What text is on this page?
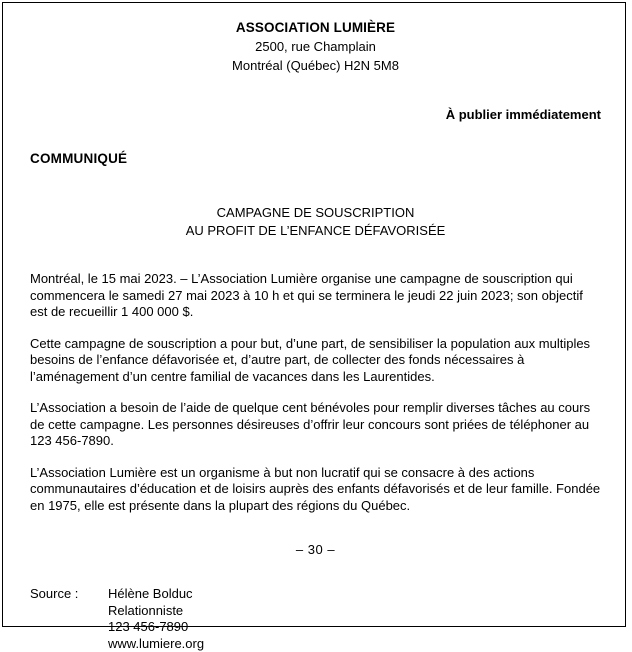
ASSOCIATION LUMIÈRE
2500, rue Champlain
Montréal (Québec) H2N 5M8
À publier immédiatement
COMMUNIQUÉ
CAMPAGNE DE SOUSCRIPTION
AU PROFIT DE L’ENFANCE DÉFAVORISÉE

Montréal, le 15 mai 2023. – L’Association Lumière organise une campagne de souscription qui commencera le samedi 27 mai 2023 à 10 h et qui se terminera le jeudi 22 juin 2023; son objectif est de recueillir 1 400 000 $.

Cette campagne de souscription a pour but, d’une part, de sensibiliser la population aux multiples besoins de l’enfance défavorisée et, d’autre part, de collecter des fonds nécessaires à l’aménagement d’un centre familial de vacances dans les Laurentides.

L’Association a besoin de l’aide de quelque cent bénévoles pour remplir diverses tâches au cours de cette campagne. Les personnes désireuses d’offrir leur concours sont priées de téléphoner au 123 456-7890.

L’Association Lumière est un organisme à but non lucratif qui se consacre à des actions communautaires d’éducation et de loisirs auprès des enfants défavorisés et de leur famille. Fondée en 1975, elle est présente dans la plupart des régions du Québec.

– 30 –
Source :	Hélène Bolduc
Relationniste
123 456-7890
www.lumiere.org
